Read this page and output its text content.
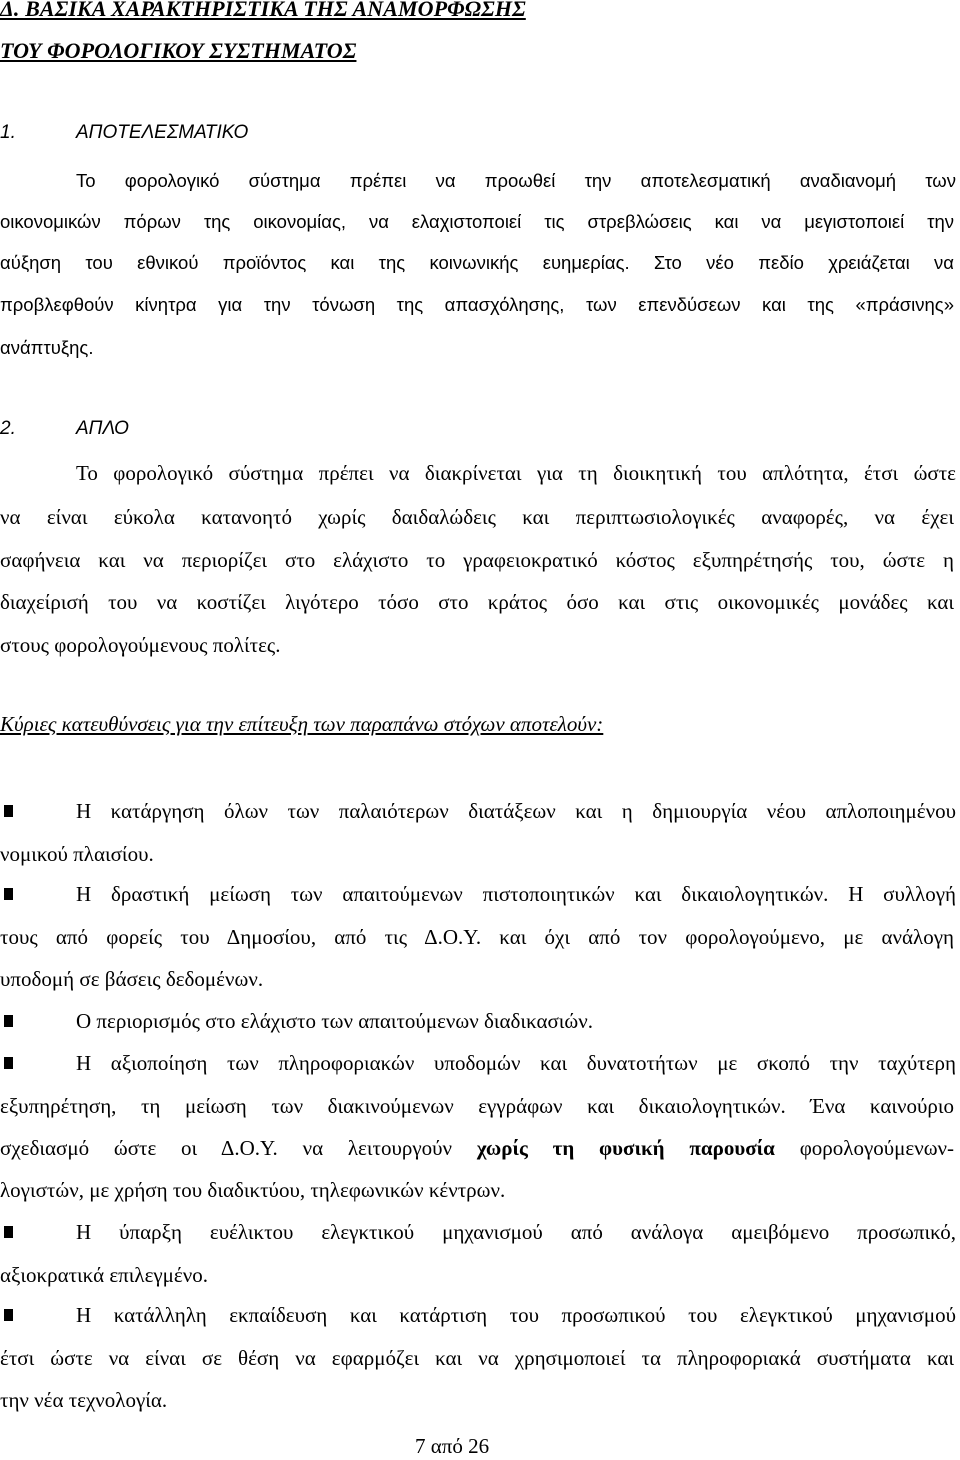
Δ. ΒΑΣΙΚΑ ΧΑΡΑΚΤΗΡΙΣΤΙΚΑ ΤΗΣ ΑΝΑΜΟΡΦΩΣΗΣ
ΤΟΥ ΦΟΡΟΛΟΓΙΚΟΥ ΣΥΣΤΗΜΑΤΟΣ
1.	ΑΠΟΤΕΛΕΣΜΑΤΙΚΟ
Το φορολογικό σύστημα πρέπει να προωθεί την αποτελεσματική αναδιανομή των
οικονομικών πόρων της οικονομίας, να ελαχιστοποιεί τις στρεβλώσεις και να μεγιστοποιεί την
αύξηση του εθνικού προϊόντος και της κοινωνικής ευημερίας. Στο νέο πεδίο χρειάζεται να
προβλεφθούν κίνητρα για την τόνωση της απασχόλησης, των επενδύσεων και της «πράσινης»
ανάπτυξης.
2.	ΑΠΛΟ
Το φορολογικό σύστημα πρέπει να διακρίνεται για τη διοικητική του απλότητα, έτσι ώστε
να είναι εύκολα κατανοητό χωρίς δαιδαλώδεις και περιπτωσιολογικές αναφορές, να έχει
σαφήνεια και να περιορίζει στο ελάχιστο το γραφειοκρατικό κόστος εξυπηρέτησής του, ώστε η
διαχείρισή του να κοστίζει λιγότερο τόσο στο κράτος όσο και στις οικονομικές μονάδες και
στους φορολογούμενους πολίτες.
Κύριες κατευθύνσεις για την επίτευξη των παραπάνω στόχων αποτελούν:
Η κατάργηση όλων των παλαιότερων διατάξεων και η δημιουργία νέου απλοποιημένου
νομικού πλαισίου.
Η δραστική μείωση των απαιτούμενων πιστοποιητικών και δικαιολογητικών. Η συλλογή
τους από φορείς του Δημοσίου, από τις Δ.Ο.Υ. και όχι από τον φορολογούμενο, με ανάλογη
υποδομή σε βάσεις δεδομένων.
Ο περιορισμός στο ελάχιστο των απαιτούμενων διαδικασιών.
Η αξιοποίηση των πληροφοριακών υποδομών και δυνατοτήτων με σκοπό την ταχύτερη
εξυπηρέτηση, τη μείωση των διακινούμενων εγγράφων και δικαιολογητικών. Ένα καινούριο
σχεδιασμό ώστε οι Δ.Ο.Υ. να λειτουργούν χωρίς τη φυσική παρουσία φορολογούμενων-
λογιστών, με χρήση του διαδικτύου, τηλεφωνικών κέντρων.
Η ύπαρξη ευέλικτου ελεγκτικού μηχανισμού από ανάλογα αμειβόμενο προσωπικό,
αξιοκρατικά επιλεγμένο.
Η κατάλληλη εκπαίδευση και κατάρτιση του προσωπικού του ελεγκτικού μηχανισμού
έτσι ώστε να είναι σε θέση να εφαρμόζει και να χρησιμοποιεί τα πληροφοριακά συστήματα και
την νέα τεχνολογία.
7 από 26
